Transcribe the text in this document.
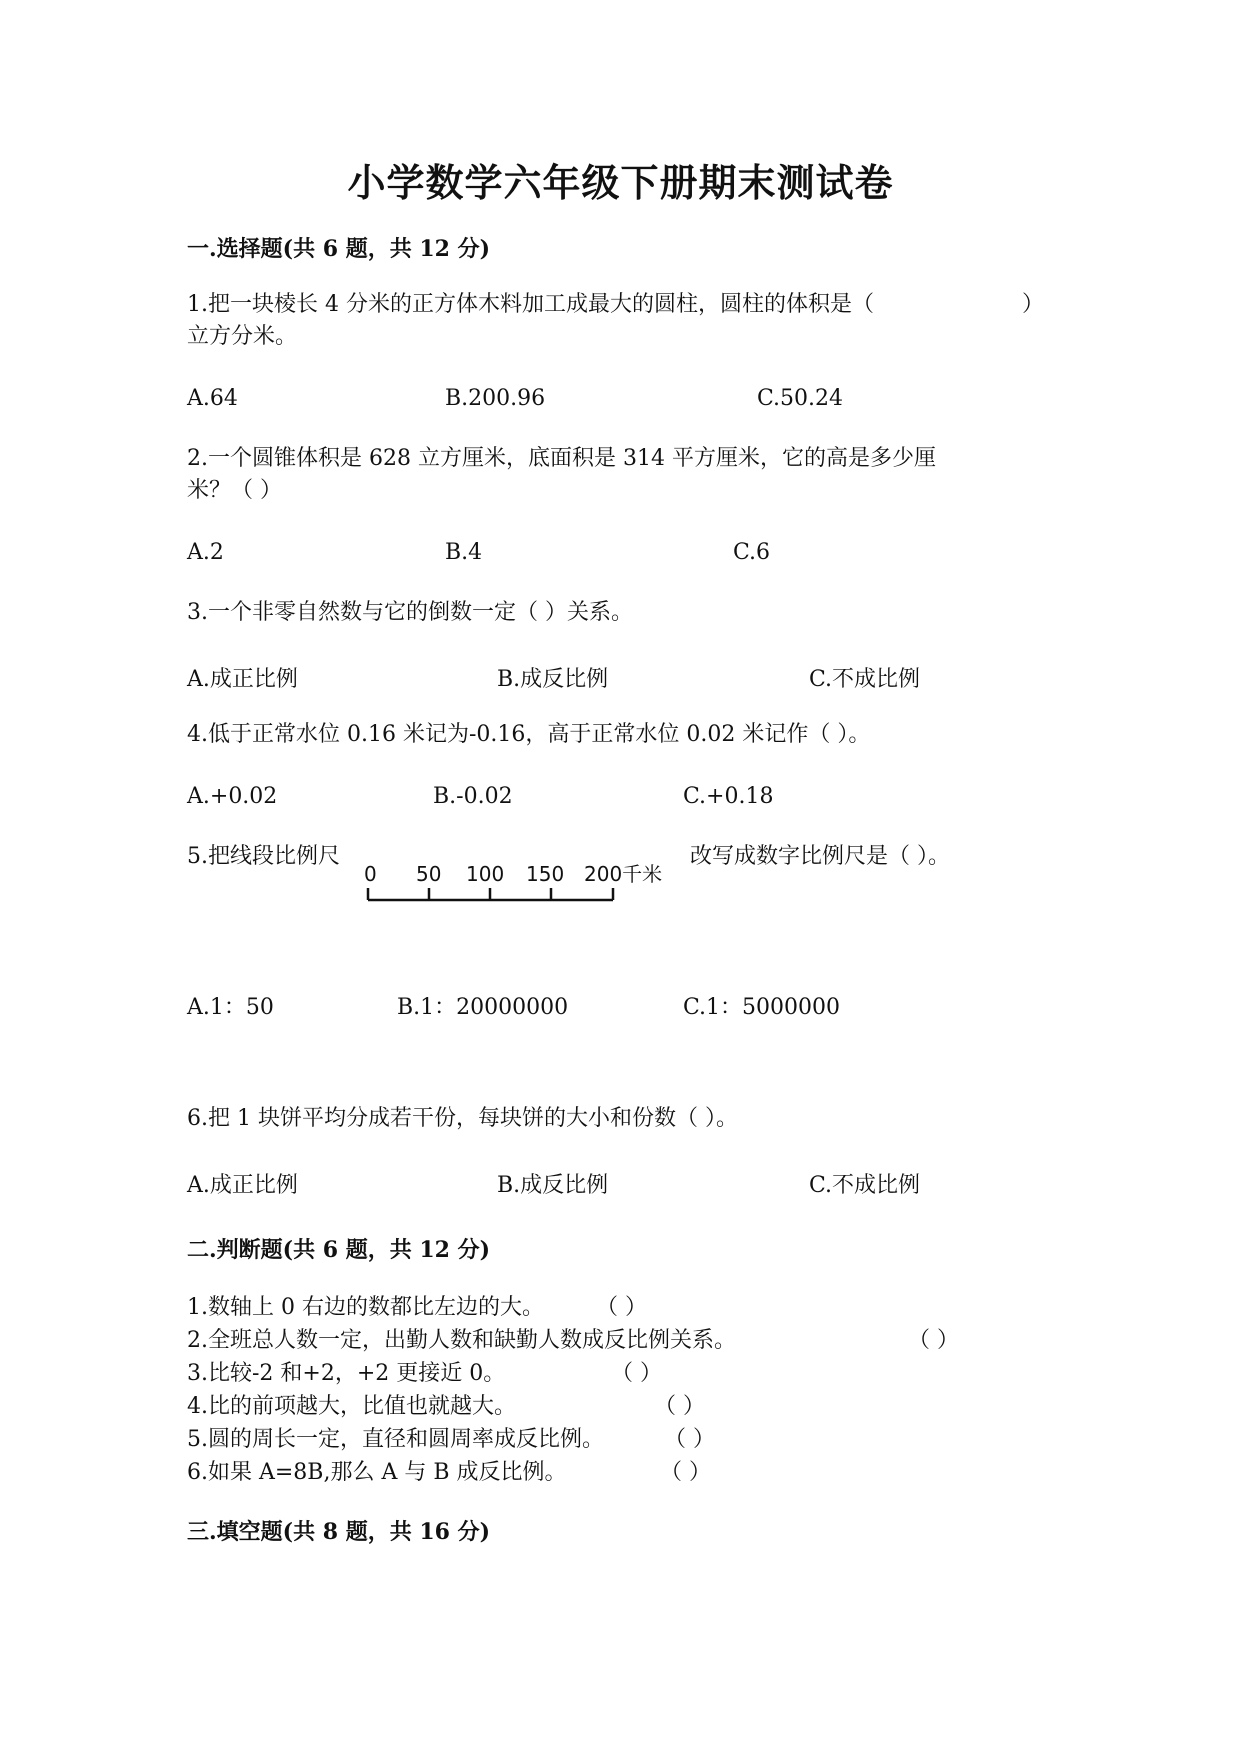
小学数学六年级下册期末测试卷
一.选择题(共 6 题，共 12 分)
1.把一块棱长 4 分米的正方体木料加工成最大的圆柱，圆柱的体积是（	）
立方分米。
A.64	B.200.96	C.50.24
2.一个圆锥体积是 628 立方厘米，底面积是 314 平方厘米，它的高是多少厘
米？（ ）
A.2	B.4	C.6
3.一个非零自然数与它的倒数一定（ ）关系。
A.成正比例	B.成反比例	C.不成比例
4.低于正常水位 0.16 米记为-0.16，高于正常水位 0.02 米记作（ ）。
A.+0.02	B.-0.02	C.+0.18
5.把线段比例尺
0 50 100 150 200千米
改写成数字比例尺是（ ）。
A.1：50	B.1：20000000	C.1：5000000
6.把 1 块饼平均分成若干份，每块饼的大小和份数（ ）。
A.成正比例	B.成反比例	C.不成比例
二.判断题(共 6 题，共 12 分)
1.数轴上 0 右边的数都比左边的大。 （ ）
2.全班总人数一定，出勤人数和缺勤人数成反比例关系。	（ ）
3.比较-2 和+2，+2 更接近 0。	（ ）
4.比的前项越大，比值也就越大。	（ ）
5.圆的周长一定，直径和圆周率成反比例。	（ ）
6.如果 A=8B,那么 A 与 B 成反比例。	（ ）
三.填空题(共 8 题，共 16 分)
